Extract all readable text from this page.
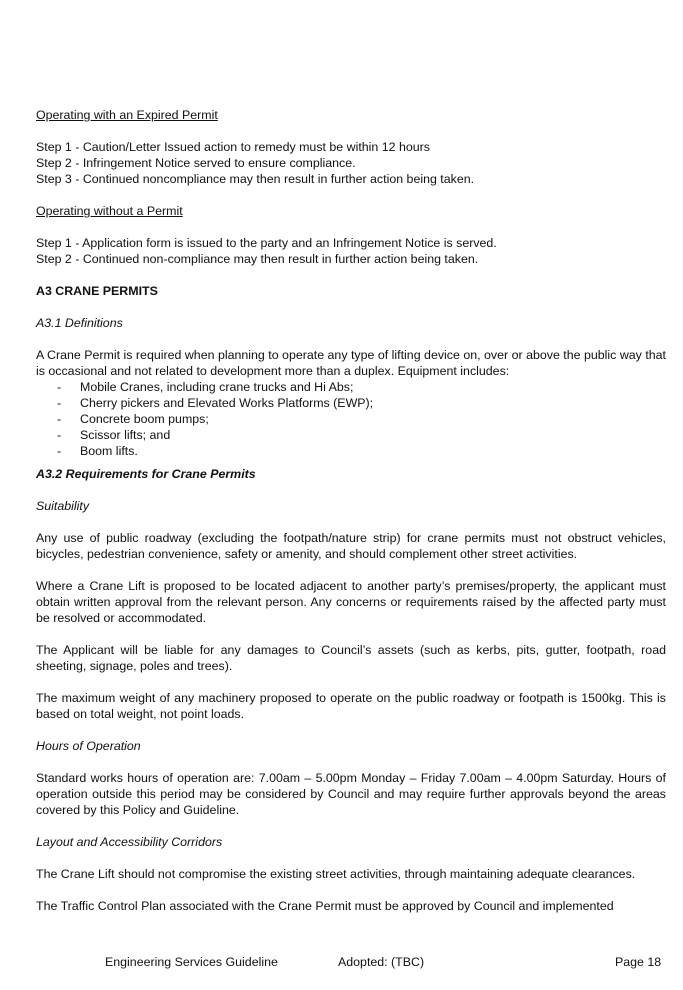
Operating with an Expired Permit
Step 1 - Caution/Letter Issued action to remedy must be within 12 hours
Step 2 - Infringement Notice served to ensure compliance.
Step 3 - Continued noncompliance may then result in further action being taken.
Operating without a Permit
Step 1 - Application form is issued to the party and an Infringement Notice is served.
Step 2 - Continued non-compliance may then result in further action being taken.
A3 CRANE PERMITS
A3.1 Definitions
A Crane Permit is required when planning to operate any type of lifting device on, over or above the public way that is occasional and not related to development more than a duplex. Equipment includes:
- Mobile Cranes, including crane trucks and Hi Abs;
- Cherry pickers and Elevated Works Platforms (EWP);
- Concrete boom pumps;
- Scissor lifts; and
- Boom lifts.
A3.2 Requirements for Crane Permits
Suitability
Any use of public roadway (excluding the footpath/nature strip) for crane permits must not obstruct vehicles, bicycles, pedestrian convenience, safety or amenity, and should complement other street activities.
Where a Crane Lift is proposed to be located adjacent to another party’s premises/property, the applicant must obtain written approval from the relevant person. Any concerns or requirements raised by the affected party must be resolved or accommodated.
The Applicant will be liable for any damages to Council’s assets (such as kerbs, pits, gutter, footpath, road sheeting, signage, poles and trees).
The maximum weight of any machinery proposed to operate on the public roadway or footpath is 1500kg. This is based on total weight, not point loads.
Hours of Operation
Standard works hours of operation are: 7.00am – 5.00pm Monday – Friday 7.00am – 4.00pm Saturday. Hours of operation outside this period may be considered by Council and may require further approvals beyond the areas covered by this Policy and Guideline.
Layout and Accessibility Corridors
The Crane Lift should not compromise the existing street activities, through maintaining adequate clearances.
The Traffic Control Plan associated with the Crane Permit must be approved by Council and implemented
Engineering Services Guideline	Adopted: (TBC)	Page 18
